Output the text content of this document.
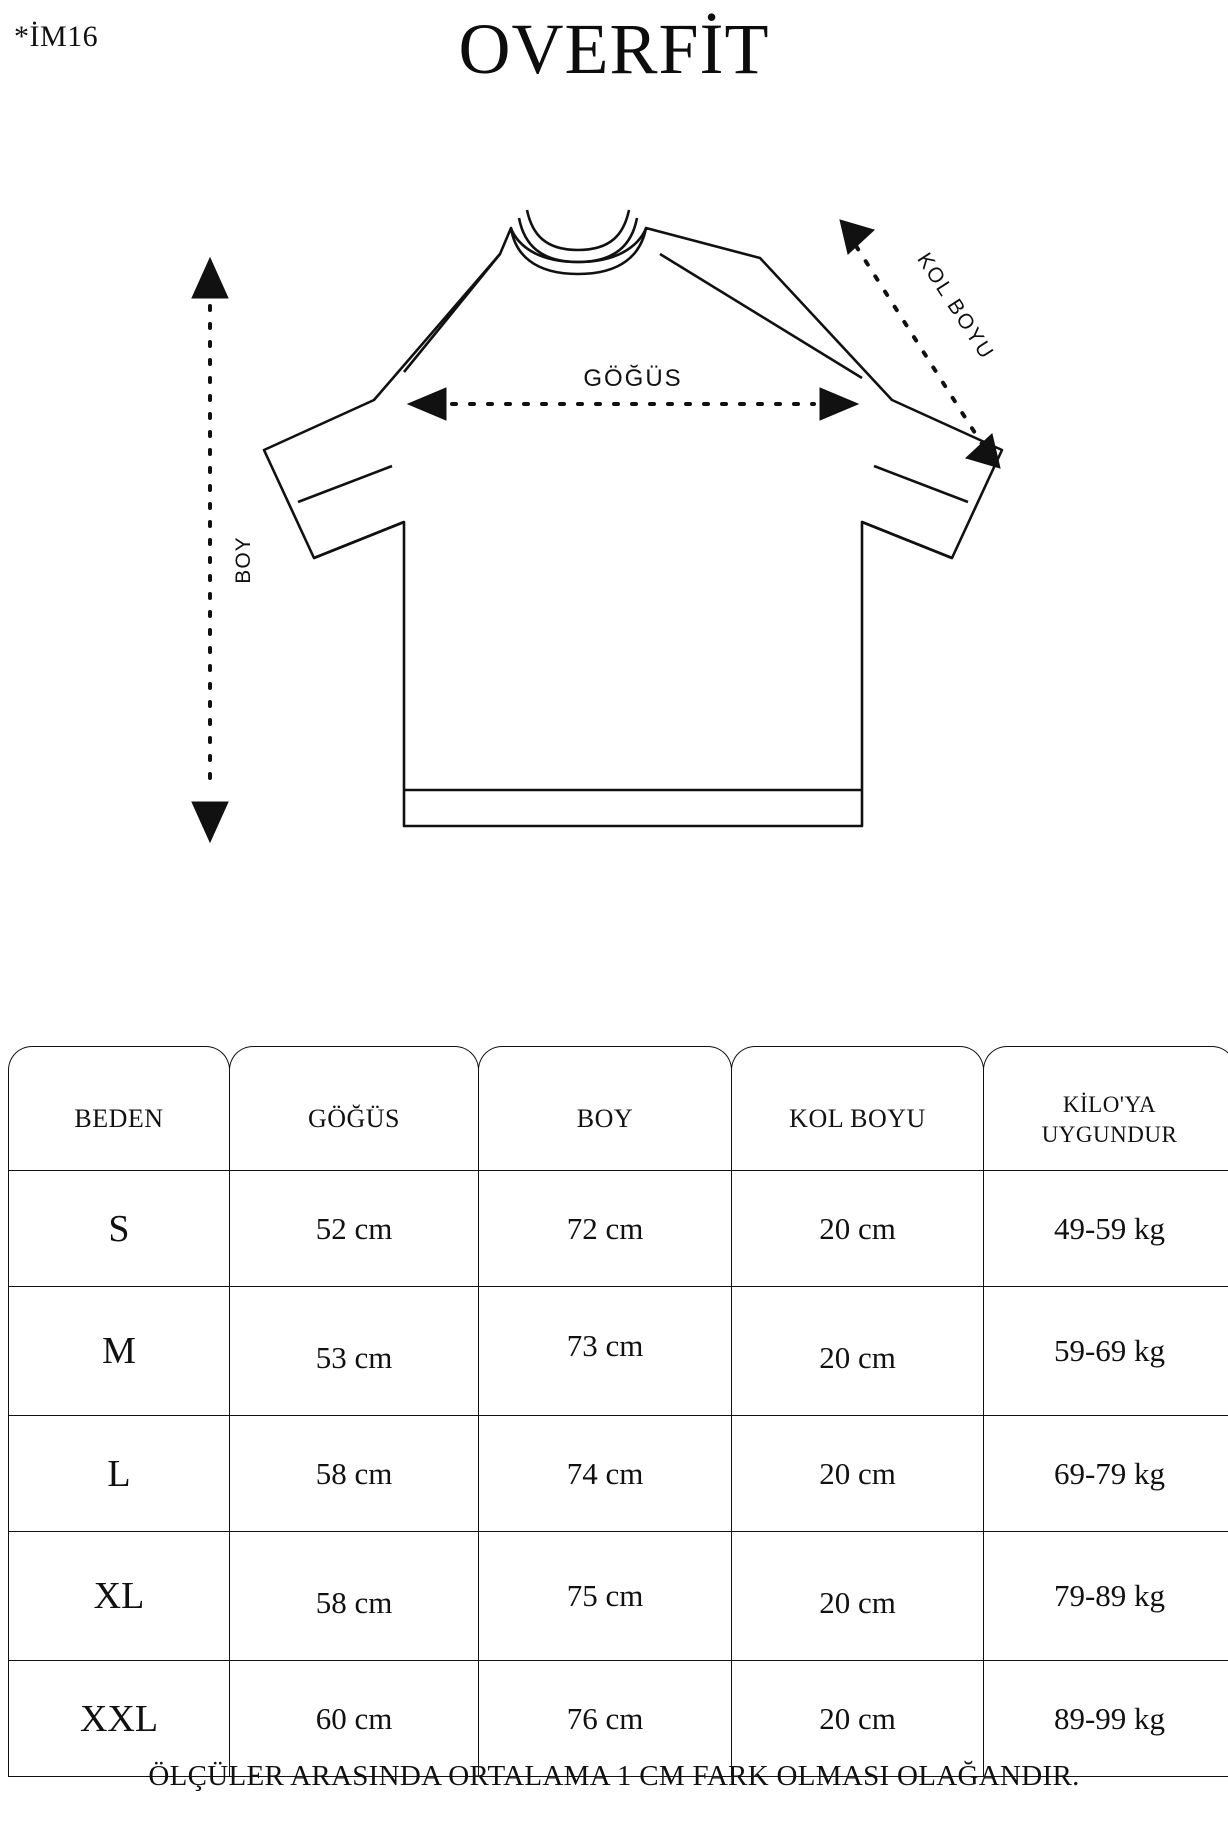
*İM16	OVERFİT
GÖĞÜS
KOL BOYU
BOY
BEDEN	GÖĞÜS	BOY	KOL BOYU	KİLO'YA
UYGUNDUR
S	52 cm	72 cm	20 cm	49-59 kg
M	53 cm	73 cm	20 cm	59-69 kg
L	58 cm	74 cm	20 cm	69-79 kg
XL	58 cm	75 cm	20 cm	79-89 kg
XXL	60 cm	76 cm	20 cm	89-99 kg
ÖLÇÜLER ARASINDA ORTALAMA 1 CM FARK OLMASI OLAĞANDIR.
